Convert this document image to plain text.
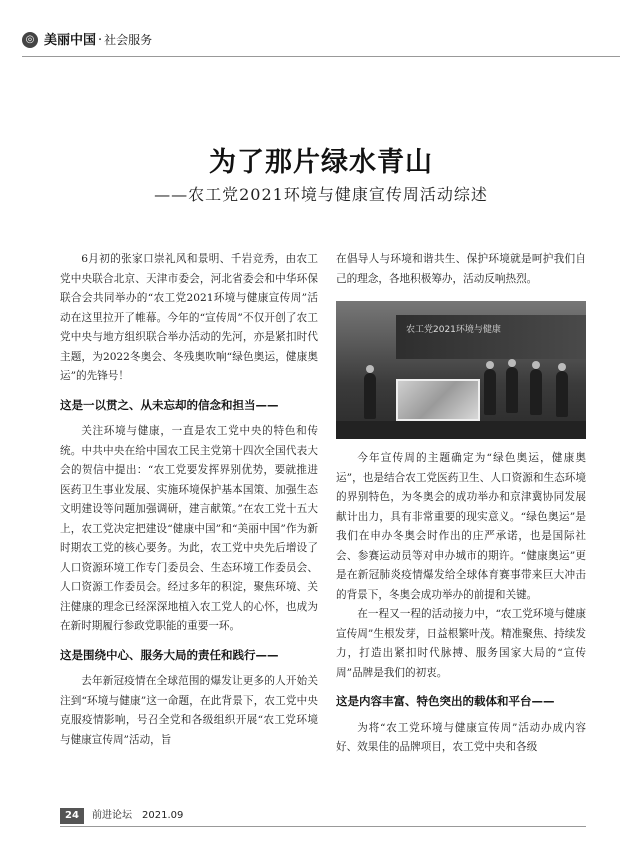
◎ 美丽中国 · 社会服务
为了那片绿水青山
——农工党2021环境与健康宣传周活动综述

6月初的张家口崇礼风和景明、千岩竞秀，由农工党中央联合北京、天津市委会，河北省委会和中华环保联合会共同举办的“农工党2021环境与健康宣传周”活动在这里拉开了帷幕。今年的“宣传周”不仅开创了农工党中央与地方组织联合举办活动的先河，亦是紧扣时代主题，为2022冬奥会、冬残奥吹响“绿色奥运，健康奥运”的先锋号！

这是一以贯之、从未忘却的信念和担当——

关注环境与健康，一直是农工党中央的特色和传统。中共中央在给中国农工民主党第十四次全国代表大会的贺信中提出：“农工党要发挥界别优势，要就推进医药卫生事业发展、实施环境保护基本国策、加强生态文明建设等问题加强调研，建言献策。”在农工党十五大上，农工党决定把建设“健康中国”和“美丽中国”作为新时期农工党的核心要务。为此，农工党中央先后增设了人口资源环境工作专门委员会、生态环境工作委员会、人口资源工作委员会。经过多年的积淀，聚焦环境、关注健康的理念已经深深地植入农工党人的心怀，也成为在新时期履行参政党职能的重要一环。

这是围绕中心、服务大局的责任和践行——

去年新冠疫情在全球范围的爆发让更多的人开始关注到“环境与健康”这一命题，在此背景下，农工党中央克服疫情影响，号召全党和各级组织开展“农工党环境与健康宣传周”活动，旨

在倡导人与环境和谐共生、保护环境就是呵护我们自己的理念，各地积极筹办，活动反响热烈。

农工党2021环境与健康

今年宣传周的主题确定为“绿色奥运，健康奥运”，也是结合农工党医药卫生、人口资源和生态环境的界别特色，为冬奥会的成功举办和京津冀协同发展献计出力，具有非常重要的现实意义。“绿色奥运”是我们在申办冬奥会时作出的庄严承诺，也是国际社会、参赛运动员等对申办城市的期许。“健康奥运”更是在新冠肺炎疫情爆发给全球体育赛事带来巨大冲击的背景下，冬奥会成功举办的前提和关键。

在一程又一程的活动接力中，“农工党环境与健康宣传周”生根发芽，日益根繁叶茂。精准聚焦、持续发力，打造出紧扣时代脉搏、服务国家大局的“宣传周”品牌是我们的初衷。

这是内容丰富、特色突出的载体和平台——

为将“农工党环境与健康宣传周”活动办成内容好、效果佳的品牌项目，农工党中央和各级

24	前进论坛 2021.09
